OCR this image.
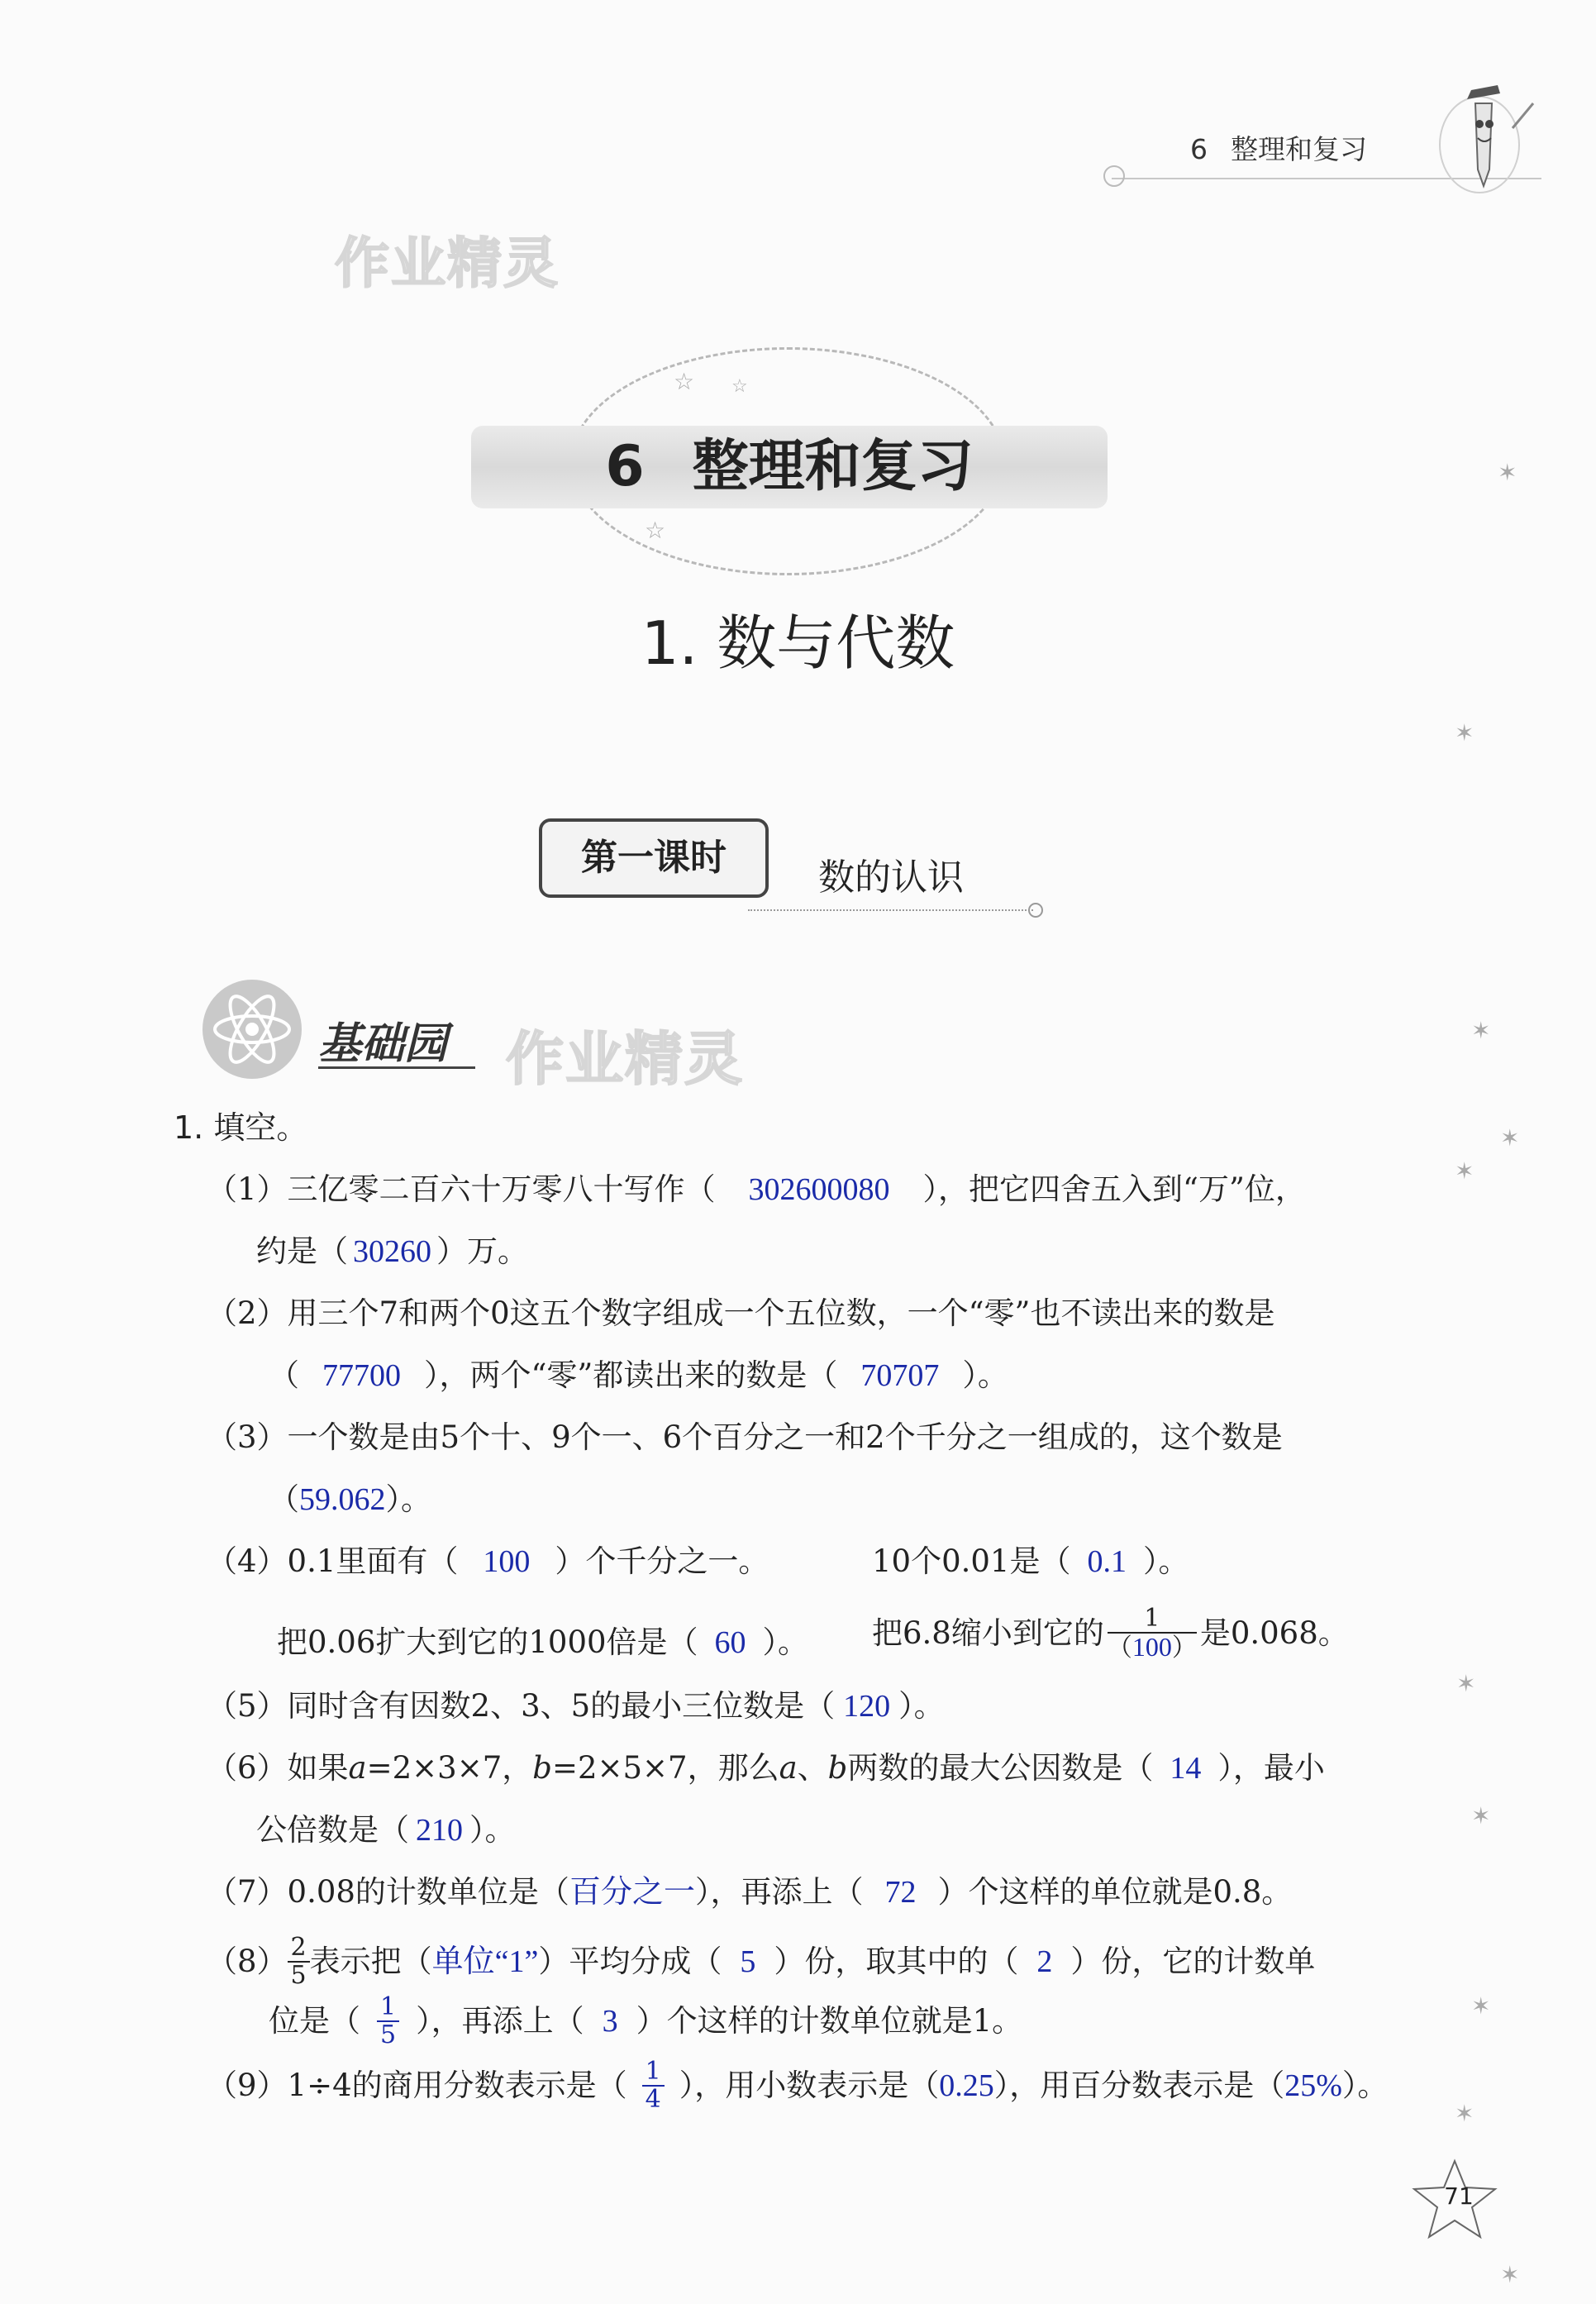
6 整理和复习
作业精灵
☆ ☆
☆
6 整理和复习
1. 数与代数
第一课时	数的认识
基础园 作业精灵
1. 填空。
（1）三亿零二百六十万零八十写作（ 302600080 ），把它四舍五入到“万”位，
约是（ 30260 ）万。
（2）用三个7和两个0这五个数字组成一个五位数，一个“零”也不读出来的数是
（ 77700 ），两个“零”都读出来的数是（ 70707 ）。
（3）一个数是由5个十、9个一、6个百分之一和2个千分之一组成的，这个数是
（59.062）。
（4）0.1里面有（ 100 ）个千分之一。	10个0.01是（ 0.1 ）。
把0.06扩大到它的1000倍是（ 60 ）。 把6.8缩小到它的 $\frac{1}{(100)}$ 是0.068。
（5）同时含有因数2、3、5的最小三位数是（ 120 ）。
（6）如果a=2×3×7，b=2×5×7，那么a、b两数的最大公因数是（ 14 ），最小
公倍数是（ 210 ）。
（7）0.08的计数单位是（百分之一），再添上（ 72 ）个这样的单位就是0.8。
$(8) \frac{2}{5}$ 表示把（单位“1”）平均分成（ 5 ）份，取其中的（ 2 ）份，它的计数单
位是（ $\frac{1}{5}$ ），再添上（ 3 ）个这样的计数单位就是1。
（9）1÷4的商用分数表示是（ $\frac{1}{4}$ ），用小数表示是（0.25），用百分数表示是（25%）。
✶
✶
✶
✶
✶
✶
✶
✶
✶
✶
71
